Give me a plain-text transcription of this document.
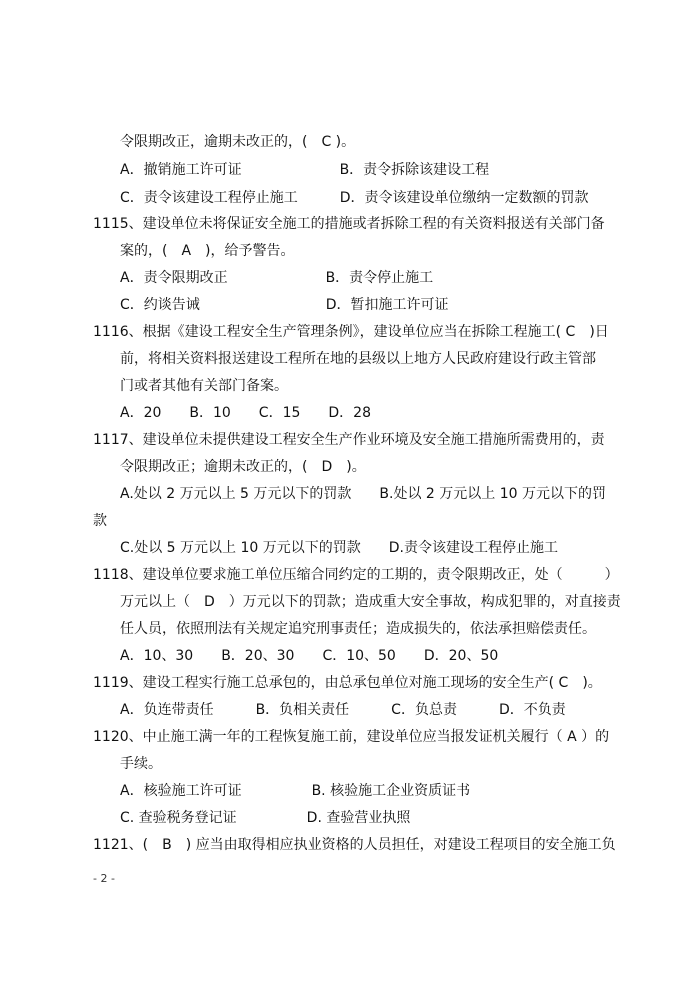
令限期改正，逾期未改正的，(　C )。
A．撤销施工许可证　　　　　　　B．责令拆除该建设工程
C．责令该建设工程停止施工　　　D．责令该建设单位缴纳一定数额的罚款
1115、建设单位未将保证安全施工的措施或者拆除工程的有关资料报送有关部门备
案的，(　A　)，给予警告。
A．责令限期改正　　　　　　　B．责令停止施工
C．约谈告诫　　　　　　　　　D．暂扣施工许可证
1116、根据《建设工程安全生产管理条例》，建设单位应当在拆除工程施工( C　)日
前，将相关资料报送建设工程所在地的县级以上地方人民政府建设行政主管部
门或者其他有关部门备案。
A．20　　B．10　　C．15　　D．28
1117、建设单位未提供建设工程安全生产作业环境及安全施工措施所需费用的，责
令限期改正；逾期未改正的，(　D　)。
A.处以 2 万元以上 5 万元以下的罚款　　B.处以 2 万元以上 10 万元以下的罚
款
C.处以 5 万元以上 10 万元以下的罚款　　D.责令该建设工程停止施工
1118、建设单位要求施工单位压缩合同约定的工期的，责令限期改正，处（　　　）
万元以上（　D　）万元以下的罚款；造成重大安全事故，构成犯罪的，对直接责
任人员，依照刑法有关规定追究刑事责任；造成损失的，依法承担赔偿责任。
A．10、30　　B．20、30　　C．10、50　　D．20、50
1119、建设工程实行施工总承包的，由总承包单位对施工现场的安全生产( C　)。
A．负连带责任　　　B．负相关责任　　　C．负总责　　　D．不负责
1120、中止施工满一年的工程恢复施工前，建设单位应当报发证机关履行（ A ）的
手续。
A．核验施工许可证　　　　　B. 核验施工企业资质证书
C. 查验税务登记证　　　　　D. 查验营业执照
1121、(　B　) 应当由取得相应执业资格的人员担任，对建设工程项目的安全施工负
- 2 -
